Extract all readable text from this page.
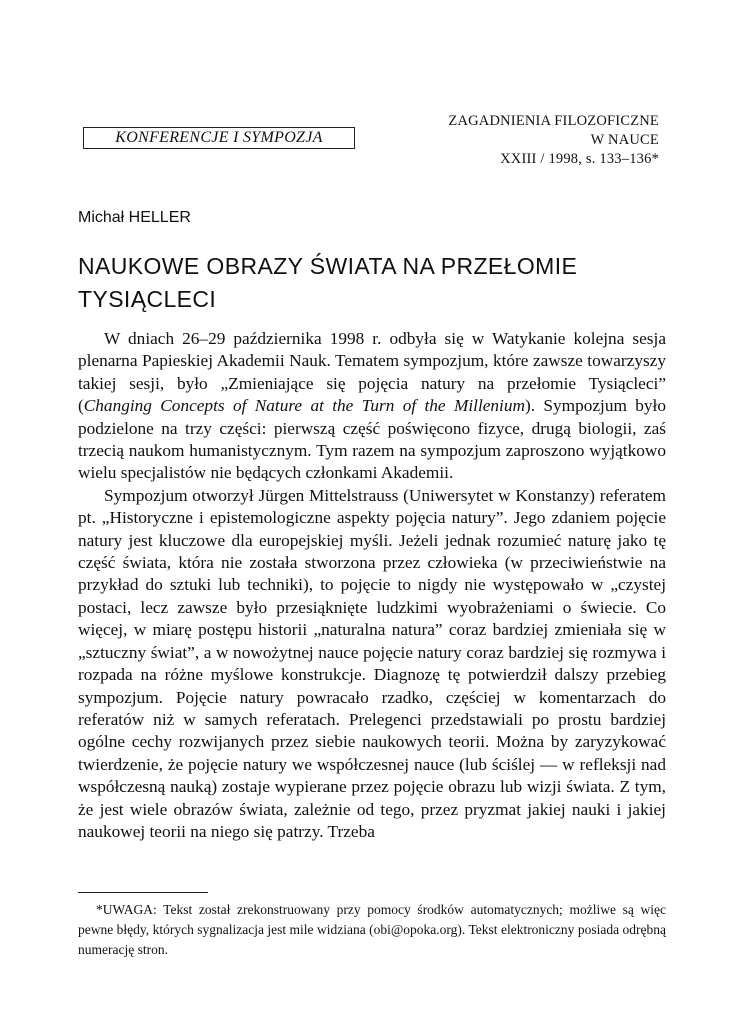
KONFERENCJE I SYMPOZJA
ZAGADNIENIA FILOZOFICZNE
W NAUCE
XXIII / 1998, s. 133–136*
Michał HELLER
NAUKOWE OBRAZY ŚWIATA NA PRZEŁOMIE TYSIĄCLECI

W dniach 26–29 października 1998 r. odbyła się w Watykanie kolejna sesja plenarna Papieskiej Akademii Nauk. Tematem sympozjum, które zawsze towarzyszy takiej sesji, było „Zmieniające się pojęcia natury na przełomie Tysiącleci” (Changing Concepts of Nature at the Turn of the Millenium). Sympozjum było podzielone na trzy części: pierwszą część poświęcono fizyce, drugą biologii, zaś trzecią naukom humanistycznym. Tym razem na sympozjum zaproszono wyjątkowo wielu specjalistów nie będących członkami Akademii.

Sympozjum otworzył Jürgen Mittelstrauss (Uniwersytet w Konstanzy) referatem pt. „Historyczne i epistemologiczne aspekty pojęcia natury”. Jego zdaniem pojęcie natury jest kluczowe dla europejskiej myśli. Jeżeli jednak rozumieć naturę jako tę część świata, która nie została stworzona przez człowieka (w przeciwieństwie na przykład do sztuki lub techniki), to pojęcie to nigdy nie występowało w „czystej postaci, lecz zawsze było przesiąknięte ludzkimi wyobrażeniami o świecie. Co więcej, w miarę postępu historii „naturalna natura” coraz bardziej zmieniała się w „sztuczny świat”, a w nowożytnej nauce pojęcie natury coraz bardziej się rozmywa i rozpada na różne myślowe konstrukcje. Diagnozę tę potwierdził dalszy przebieg sympozjum. Pojęcie natury powracało rzadko, częściej w komentarzach do referatów niż w samych referatach. Prelegenci przedstawiali po prostu bardziej ogólne cechy rozwijanych przez siebie naukowych teorii. Można by zaryzykować twierdzenie, że pojęcie natury we współczesnej nauce (lub ściślej — w refleksji nad współczesną nauką) zostaje wypierane przez pojęcie obrazu lub wizji świata. Z tym, że jest wiele obrazów świata, zależnie od tego, przez pryzmat jakiej nauki i jakiej naukowej teorii na niego się patrzy. Trzeba

*UWAGA: Tekst został zrekonstruowany przy pomocy środków automatycznych; możliwe są więc pewne błędy, których sygnalizacja jest mile widziana (obi@opoka.org). Tekst elektroniczny posiada odrębną numerację stron.
